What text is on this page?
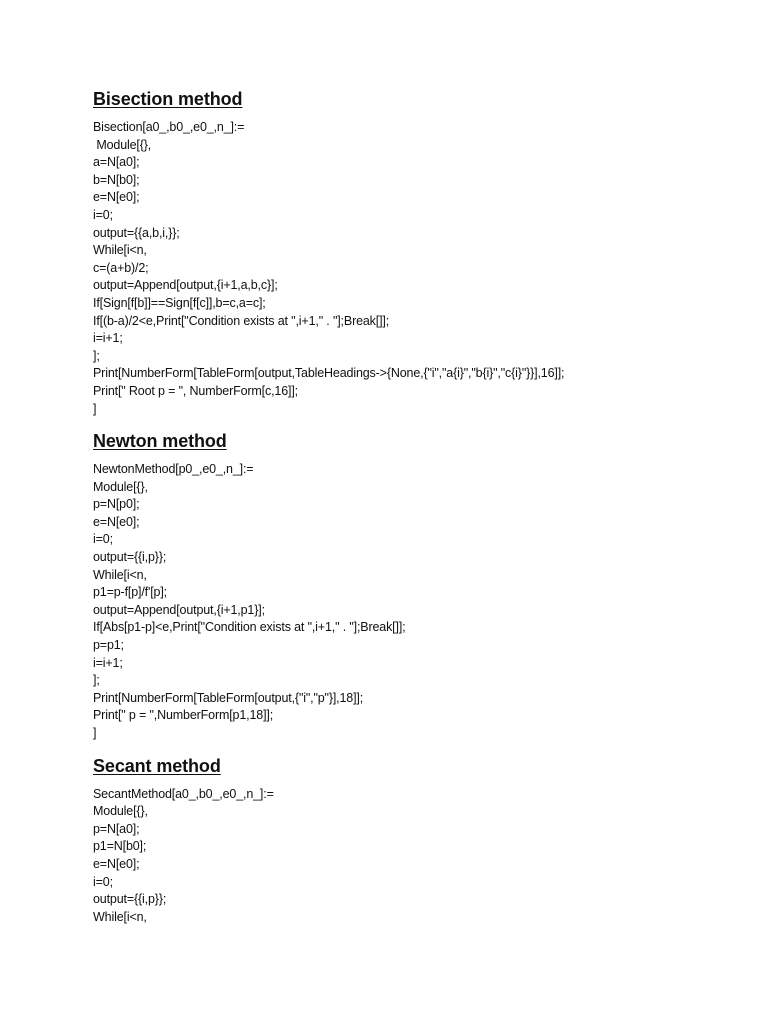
Bisection method
Bisection[a0_,b0_,e0_,n_]:=
Module[{},
a=N[a0];
b=N[b0];
e=N[e0];
i=0;
output={{a,b,i,}};
While[i<n,
c=(a+b)/2;
output=Append[output,{i+1,a,b,c}];
If[Sign[f[b]]==Sign[f[c]],b=c,a=c];
If[(b-a)/2<e,Print["Condition exists at ",i+1," . "];Break[]];
i=i+1;
];
Print[NumberForm[TableForm[output,TableHeadings->{None,{"i","a{i}","b{i}","c{i}"}}],16]];
Print[" Root p = ", NumberForm[c,16]];
]
Newton method
NewtonMethod[p0_,e0_,n_]:=
Module[{},
p=N[p0];
e=N[e0];
i=0;
output={{i,p}};
While[i<n,
p1=p-f[p]/f'[p];
output=Append[output,{i+1,p1}];
If[Abs[p1-p]<e,Print["Condition exists at ",i+1," . "];Break[]];
p=p1;
i=i+1;
];
Print[NumberForm[TableForm[output,{"i","p"}],18]];
Print[" p = ",NumberForm[p1,18]];
]
Secant method
SecantMethod[a0_,b0_,e0_,n_]:=
Module[{},
p=N[a0];
p1=N[b0];
e=N[e0];
i=0;
output={{i,p}};
While[i<n,
